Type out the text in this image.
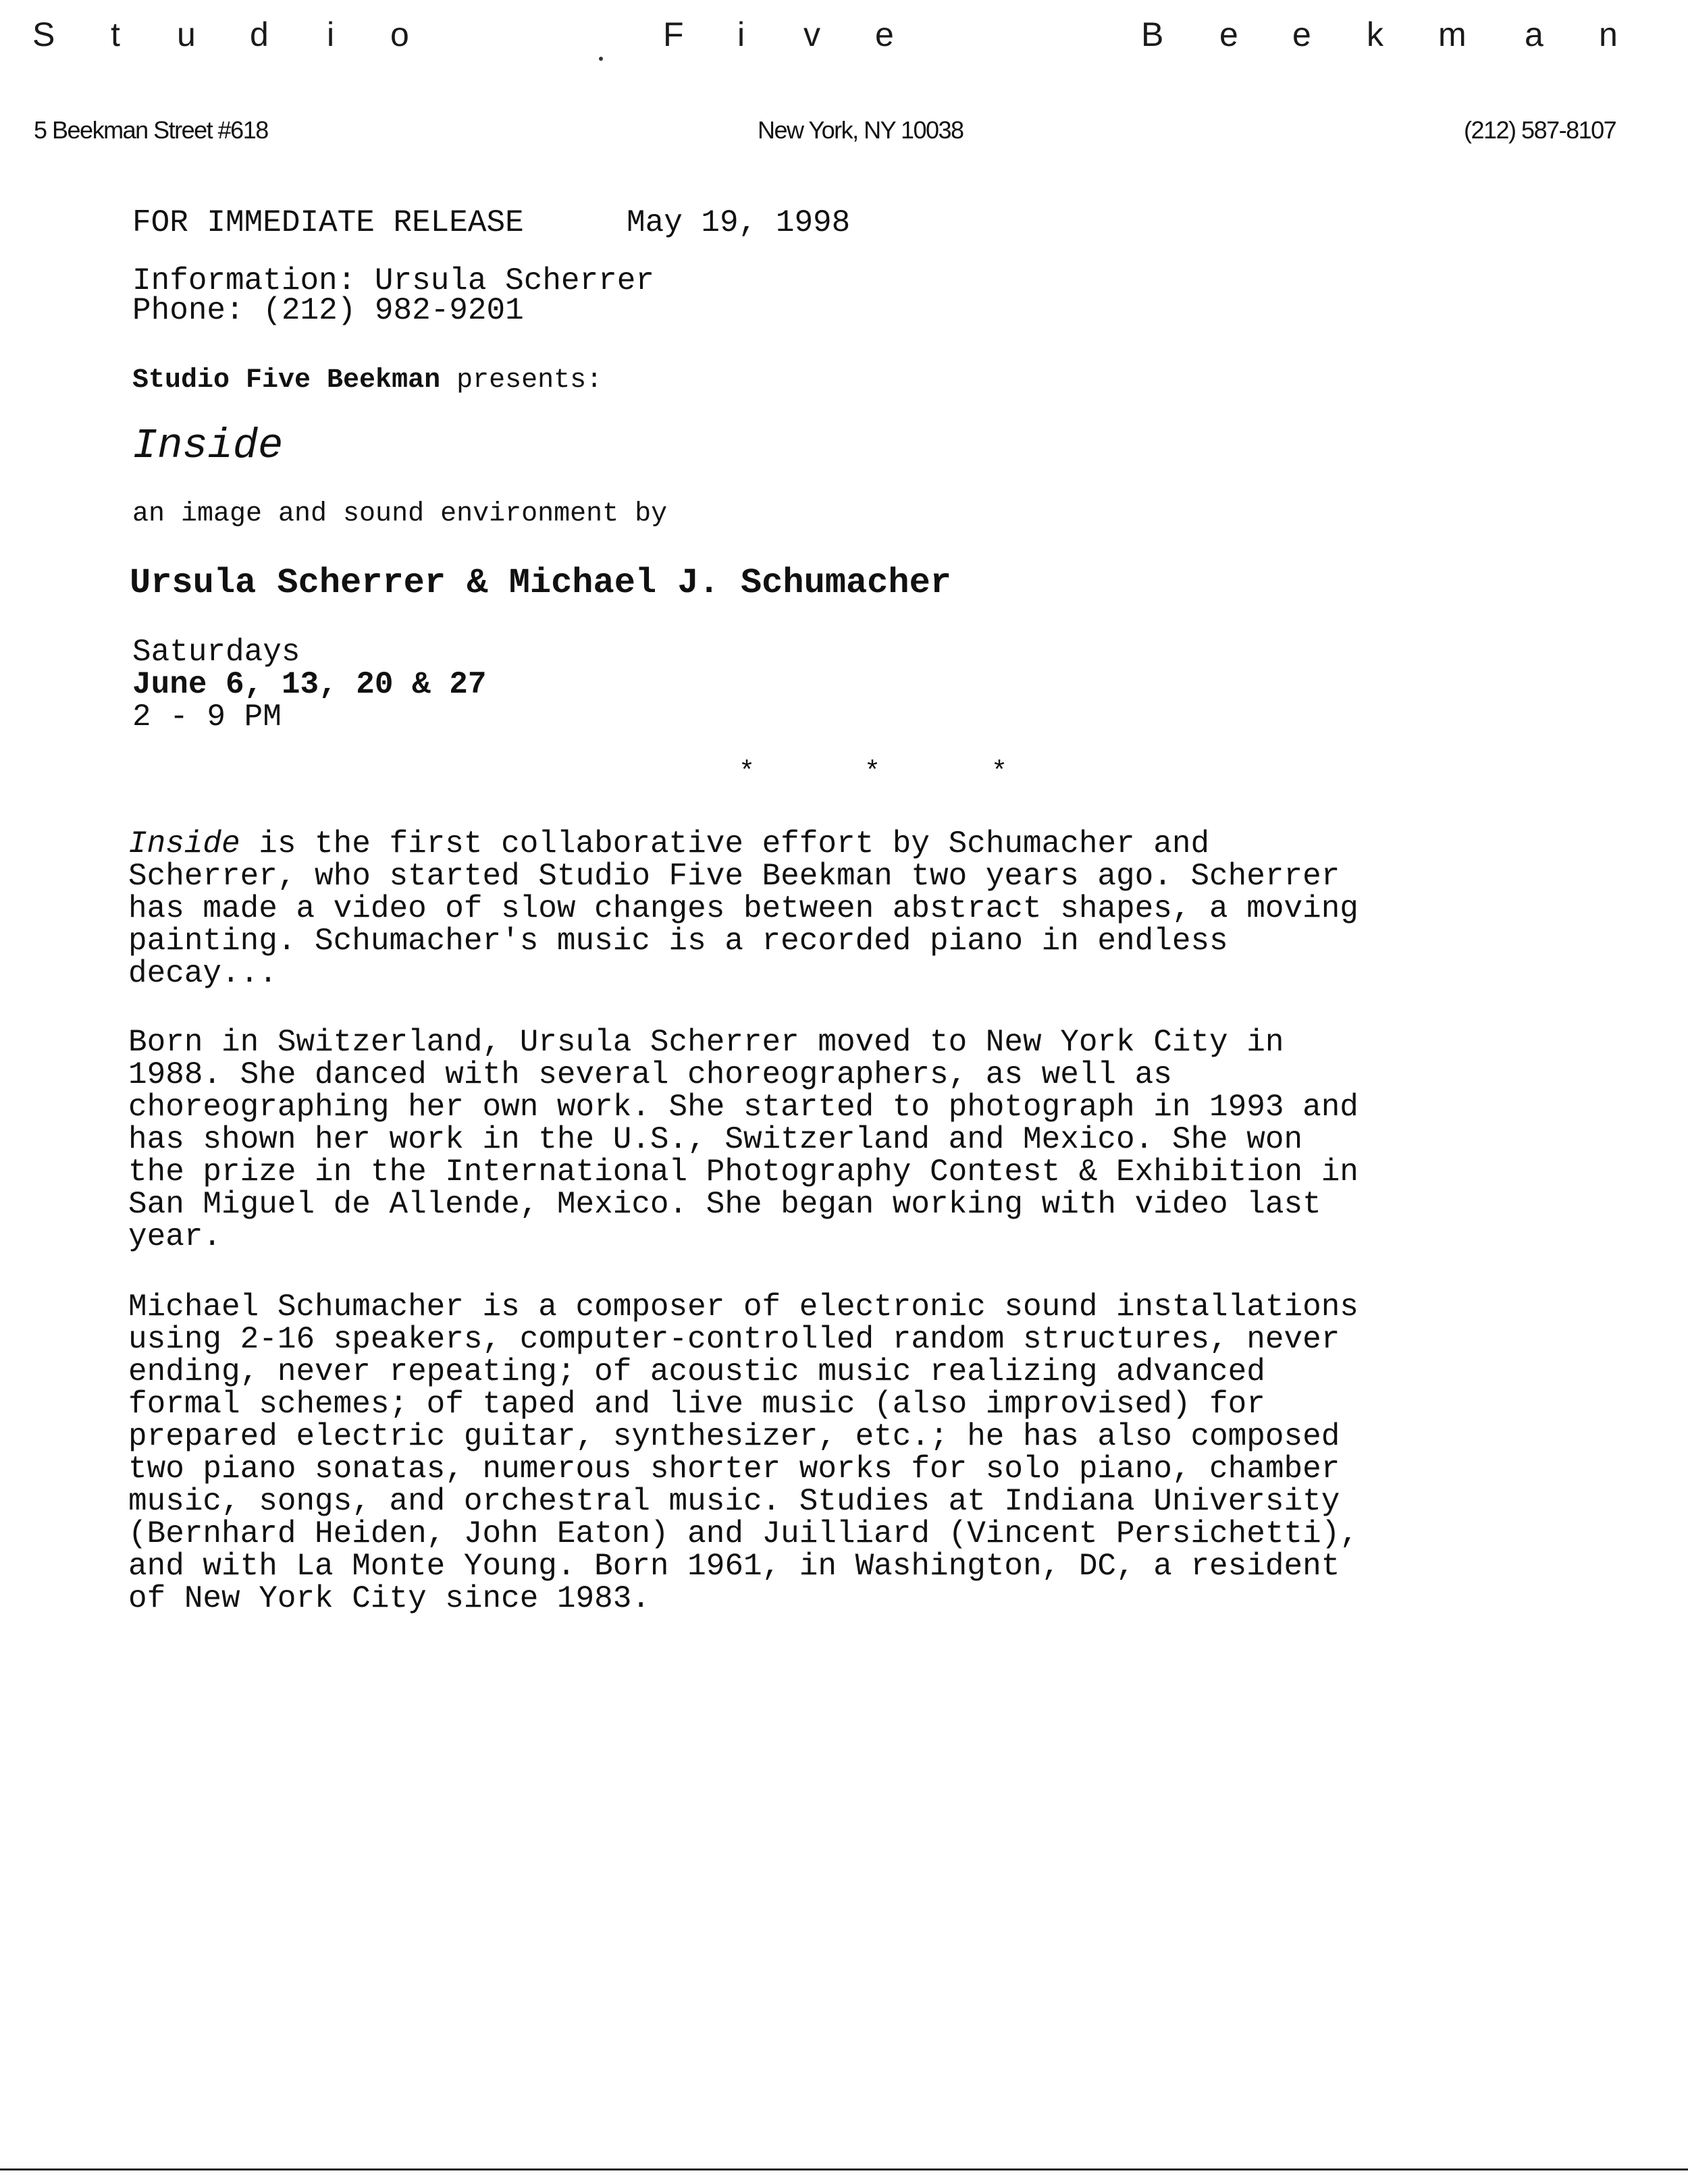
S t u d i o	F i v e	B e e k m a n
5 Beekman Street #618	New York, NY 10038	(212) 587-8107
FOR IMMEDIATE RELEASE	May 19, 1998
Information: Ursula Scherrer
Phone: (212) 982-9201
Studio Five Beekman presents:
Inside
an image and sound environment by
Ursula Scherrer & Michael J. Schumacher
Saturdays
June 6, 13, 20 & 27
2 - 9 PM
*	*	*
Inside is the first collaborative effort by Schumacher and
Scherrer, who started Studio Five Beekman two years ago. Scherrer
has made a video of slow changes between abstract shapes, a moving
painting. Schumacher's music is a recorded piano in endless
decay...
Born in Switzerland, Ursula Scherrer moved to New York City in
1988. She danced with several choreographers, as well as
choreographing her own work. She started to photograph in 1993 and
has shown her work in the U.S., Switzerland and Mexico. She won
the prize in the International Photography Contest & Exhibition in
San Miguel de Allende, Mexico. She began working with video last
year.
Michael Schumacher is a composer of electronic sound installations
using 2-16 speakers, computer-controlled random structures, never
ending, never repeating; of acoustic music realizing advanced
formal schemes; of taped and live music (also improvised) for
prepared electric guitar, synthesizer, etc.; he has also composed
two piano sonatas, numerous shorter works for solo piano, chamber
music, songs, and orchestral music. Studies at Indiana University
(Bernhard Heiden, John Eaton) and Juilliard (Vincent Persichetti),
and with La Monte Young. Born 1961, in Washington, DC, a resident
of New York City since 1983.
